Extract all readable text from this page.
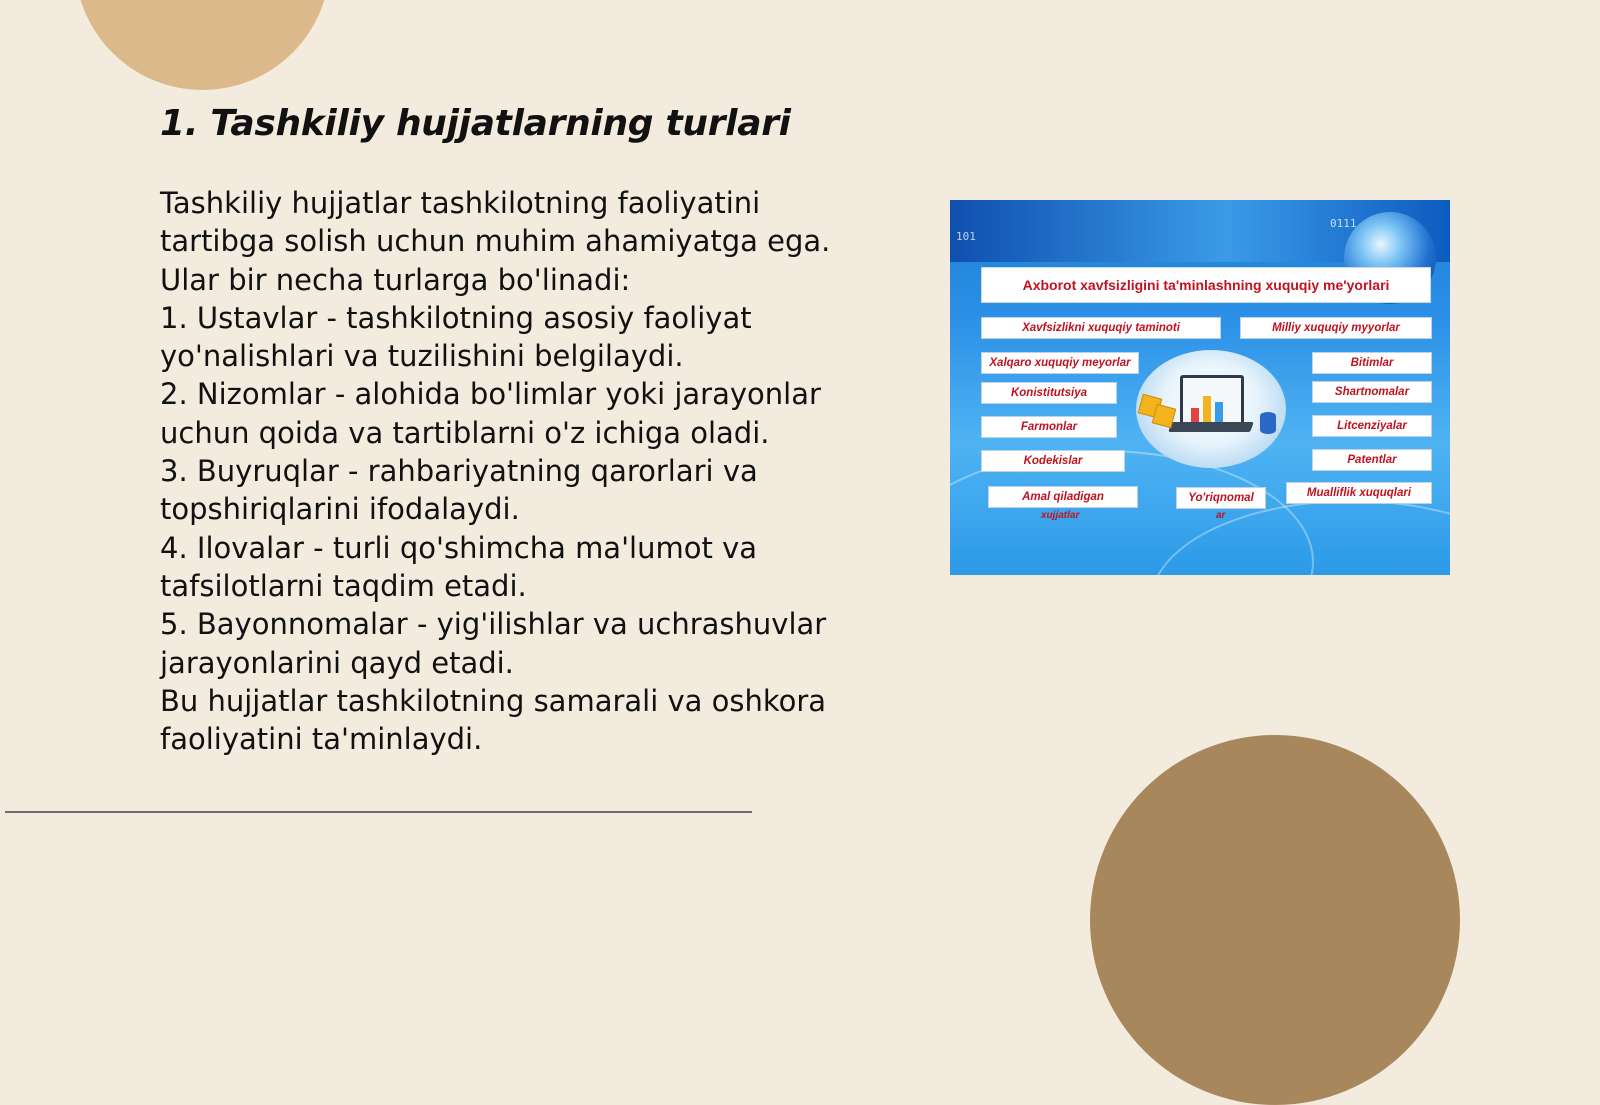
1. Tashkiliy hujjatlarning turlari
Tashkiliy hujjatlar tashkilotning faoliyatini tartibga solish uchun muhim ahamiyatga ega. Ular bir necha turlarga bo'linadi:
1. Ustavlar - tashkilotning asosiy faoliyat yo'nalishlari va tuzilishini belgilaydi.
2. Nizomlar - alohida bo'limlar yoki jarayonlar uchun qoida va tartiblarni o'z ichiga oladi.
3. Buyruqlar - rahbariyatning qarorlari va topshiriqlarini ifodalaydi.
4. Ilovalar - turli qo'shimcha ma'lumot va tafsilotlarni taqdim etadi.
5. Bayonnomalar - yig'ilishlar va uchrashuvlar jarayonlarini qayd etadi.
Bu hujjatlar tashkilotning samarali va oshkora faoliyatini ta'minlaydi.
101
0111
Axborot xavfsizligini ta'minlashning xuquqiy me'yorlari
Xavfsizlikni xuquqiy taminoti	Milliy xuquqiy myyorlar
Xalqaro xuquqiy meyorlar	Bitimlar
Konistitutsiya	Shartnomalar
Farmonlar	Litcenziyalar
Kodekislar	Patentlar
Amal qiladigan	Yo'riqnomal	Mualliflik xuquqlari
xujjatlar	ar
